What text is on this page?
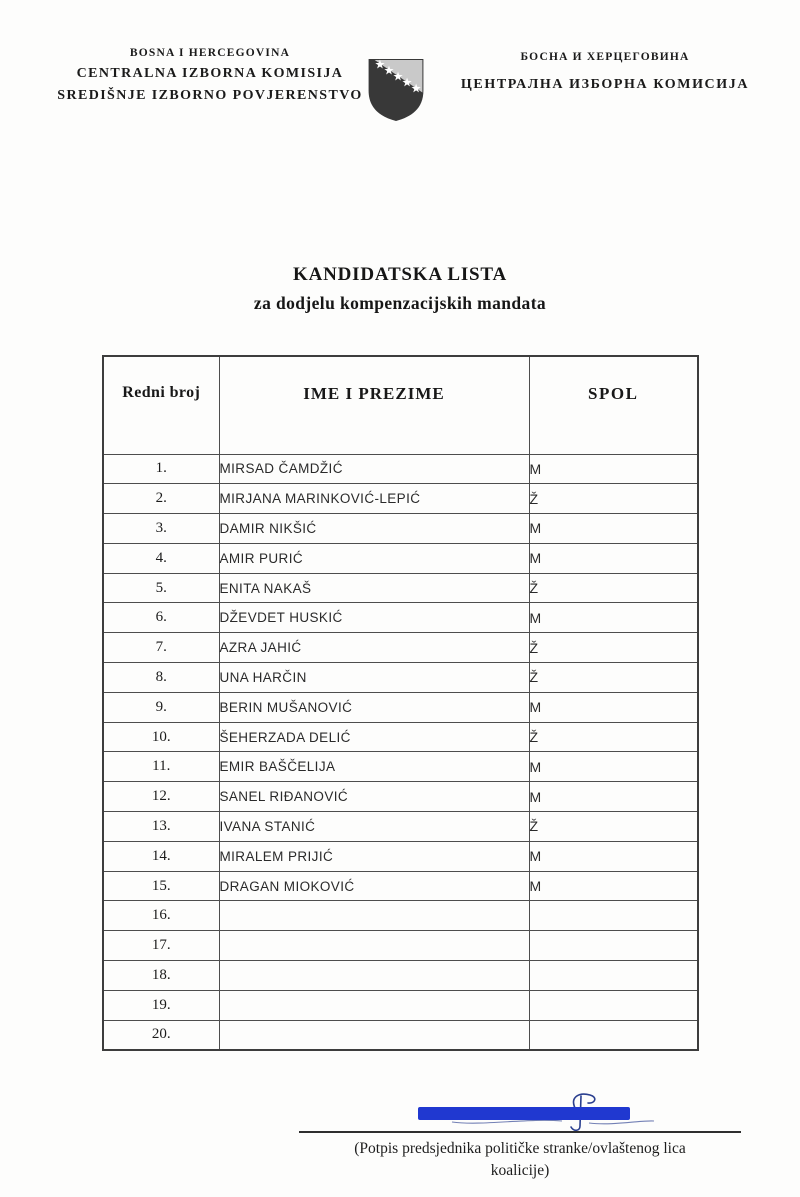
BOSNA I HERCEGOVINA
CENTRALNA IZBORNA KOMISIJA
SREDIŠNJE IZBORNO POVJERENSTVO
БОСНА И ХЕРЦЕГОВИНА
ЦЕНТРАЛНА ИЗБОРНА КОМИСИЈА
KANDIDATSKA LISTA
za dodjelu kompenzacijskih mandata
Redni broj	IME I PREZIME	SPOL
1.	MIRSAD ČAMDŽIĆ	M
2.	MIRJANA MARINKOVIĆ-LEPIĆ	Ž
3.	DAMIR NIKŠIĆ	M
4.	AMIR PURIĆ	M
5.	ENITA NAKAŠ	Ž
6.	DŽEVDET HUSKIĆ	M
7.	AZRA JAHIĆ	Ž
8.	UNA HARČIN	Ž
9.	BERIN MUŠANOVIĆ	M
10.	ŠEHERZADA DELIĆ	Ž
11.	EMIR BAŠČELIJA	M
12.	SANEL RIĐANOVIĆ	M
13.	IVANA STANIĆ	Ž
14.	MIRALEM PRIJIĆ	M
15.	DRAGAN MIOKOVIĆ	M
16.		
17.		
18.		
19.		
20.		
(Potpis predsjednika političke stranke/ovlaštenog lica
koalicije)
